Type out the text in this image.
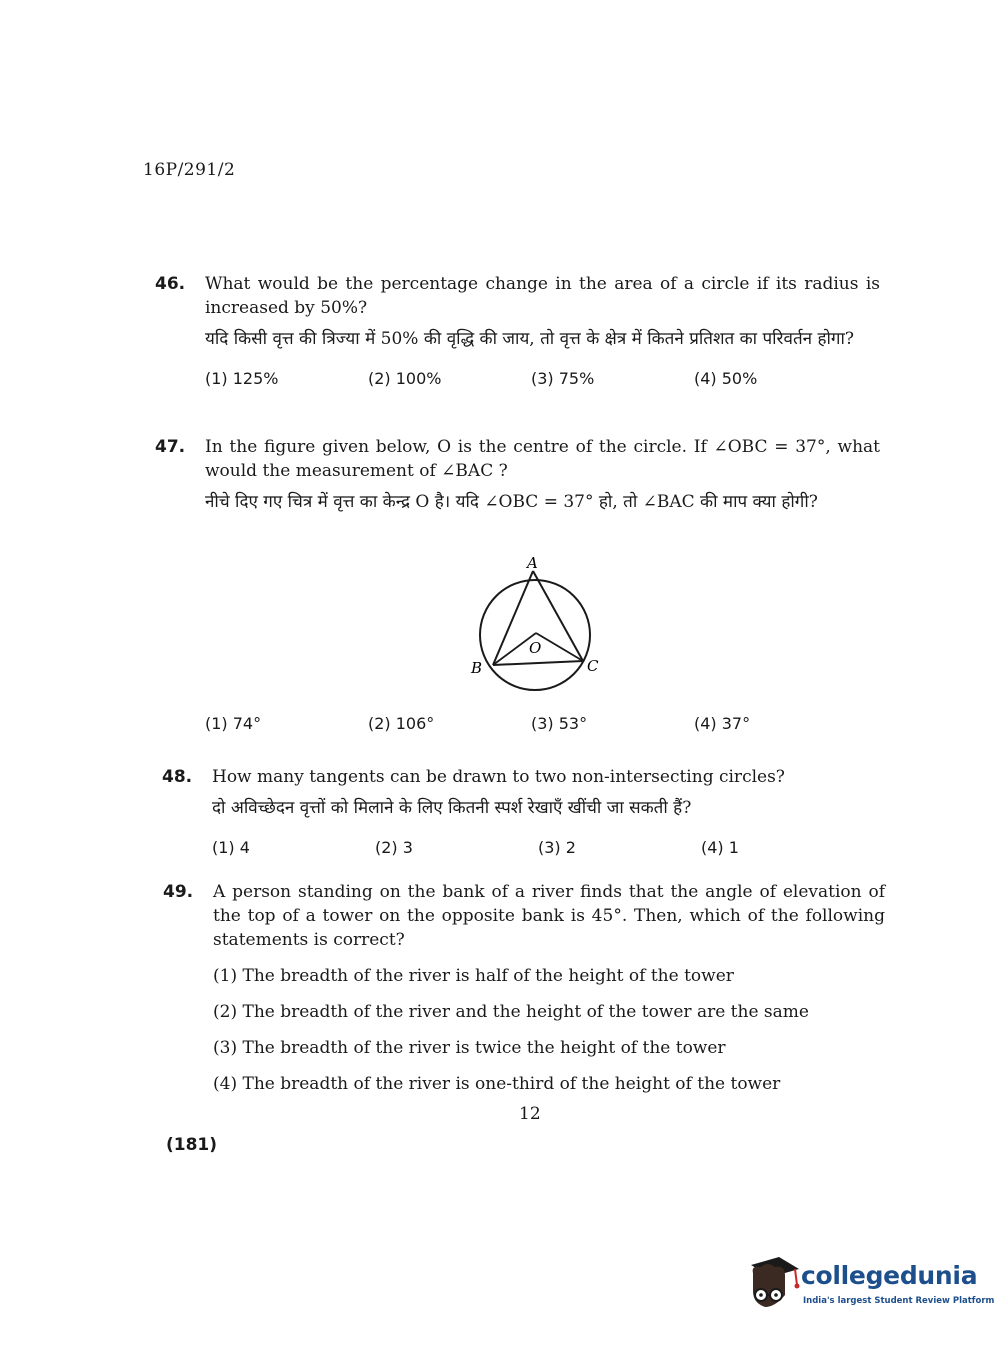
16P/291/2
46. What would be the percentage change in the area of a circle if its radius is increased by 50%?
यदि किसी वृत्त की त्रिज्या में 50% की वृद्धि की जाय, तो वृत्त के क्षेत्र में कितने प्रतिशत का परिवर्तन होगा?
(1) 125%	(2) 100%	(3) 75%	(4) 50%
47. In the figure given below, O is the centre of the circle. If ∠OBC = 37°, what would the measurement of ∠BAC ?
नीचे दिए गए चित्र में वृत्त का केन्द्र O है। यदि ∠OBC = 37° हो, तो ∠BAC की माप क्या होगी?
A
B	C
O
(1) 74°	(2) 106°	(3) 53°	(4) 37°
48. How many tangents can be drawn to two non-intersecting circles?
दो अविच्छेदन वृत्तों को मिलाने के लिए कितनी स्पर्श रेखाएँ खींची जा सकती हैं?
(1) 4	(2) 3	(3) 2	(4) 1
49. A person standing on the bank of a river finds that the angle of elevation of the top of a tower on the opposite bank is 45°. Then, which of the following statements is correct?
(1) The breadth of the river is half of the height of the tower
(2) The breadth of the river and the height of the tower are the same
(3) The breadth of the river is twice the height of the tower
(4) The breadth of the river is one-third of the height of the tower
12
(181)
collegedunia
India's largest Student Review Platform
